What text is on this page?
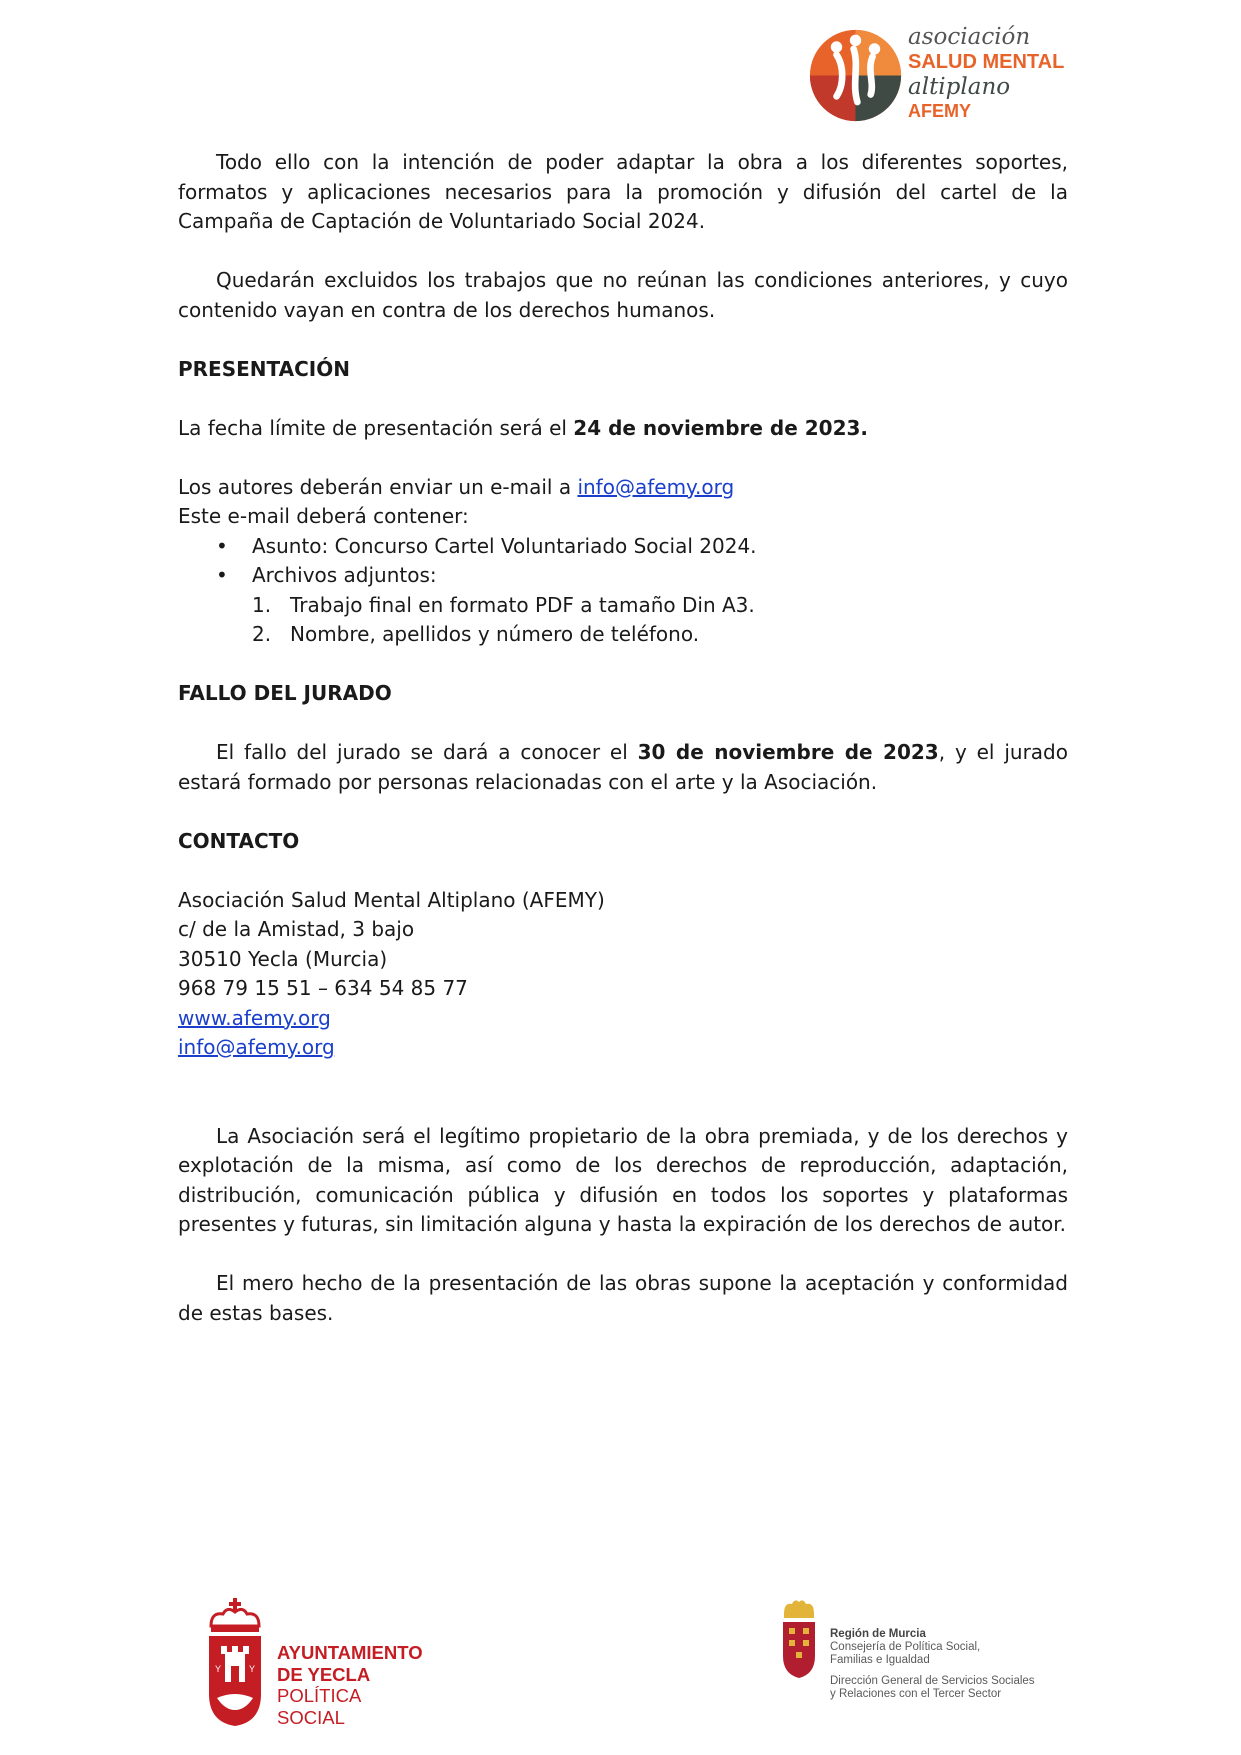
asociación
SALUD MENTAL
altiplano
AFEMY

Todo ello con la intención de poder adaptar la obra a los diferentes soportes, formatos y aplicaciones necesarios para la promoción y difusión del cartel de la Campaña de Captación de Voluntariado Social 2024.

Quedarán excluidos los trabajos que no reúnan las condiciones anteriores, y cuyo contenido vayan en contra de los derechos humanos.

PRESENTACIÓN

La fecha límite de presentación será el 24 de noviembre de 2023.

Los autores deberán enviar un e-mail a info@afemy.org

Este e-mail deberá contener:

• Asunto: Concurso Cartel Voluntariado Social 2024.
• Archivos adjuntos:
1. Trabajo final en formato PDF a tamaño Din A3.
2. Nombre, apellidos y número de teléfono.

FALLO DEL JURADO

El fallo del jurado se dará a conocer el 30 de noviembre de 2023, y el jurado estará formado por personas relacionadas con el arte y la Asociación.

CONTACTO

Asociación Salud Mental Altiplano (AFEMY)

c/ de la Amistad, 3 bajo

30510 Yecla (Murcia)

968 79 15 51 – 634 54 85 77

www.afemy.org

info@afemy.org

La Asociación será el legítimo propietario de la obra premiada, y de los derechos y explotación de la misma, así como de los derechos de reproducción, adaptación, distribución, comunicación pública y difusión en todos los soportes y plataformas presentes y futuras, sin limitación alguna y hasta la expiración de los derechos de autor.

El mero hecho de la presentación de las obras supone la aceptación y conformidad de estas bases.

Y	Y
AYUNTAMIENTO
DE YECLA
POLÍTICA
SOCIAL
Región de Murcia
Consejería de Política Social,
Familias e Igualdad
Dirección General de Servicios Sociales
y Relaciones con el Tercer Sector
